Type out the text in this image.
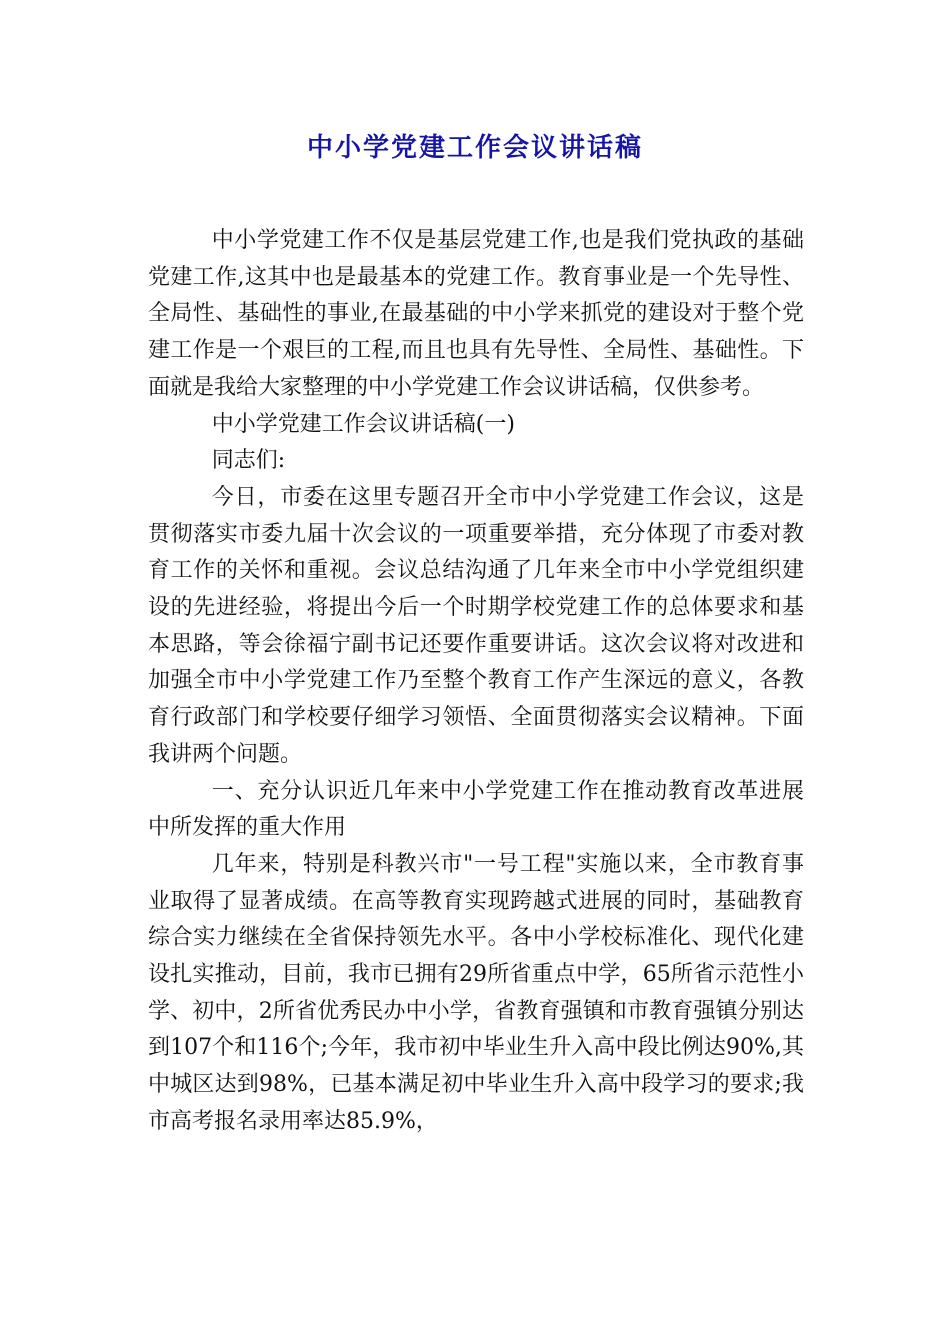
中小学党建工作会议讲话稿

中小学党建工作不仅是基层党建工作,也是我们党执政的基础党建工作,这其中也是最基本的党建工作。教育事业是一个先导性、全局性、基础性的事业,在最基础的中小学来抓党的建设对于整个党建工作是一个艰巨的工程,而且也具有先导性、全局性、基础性。下面就是我给大家整理的中小学党建工作会议讲话稿，仅供参考。

中小学党建工作会议讲话稿(一)

同志们:

今日，市委在这里专题召开全市中小学党建工作会议，这是贯彻落实市委九届十次会议的一项重要举措，充分体现了市委对教育工作的关怀和重视。会议总结沟通了几年来全市中小学党组织建设的先进经验，将提出今后一个时期学校党建工作的总体要求和基本思路，等会徐福宁副书记还要作重要讲话。这次会议将对改进和加强全市中小学党建工作乃至整个教育工作产生深远的意义，各教育行政部门和学校要仔细学习领悟、全面贯彻落实会议精神。下面我讲两个问题。

一、充分认识近几年来中小学党建工作在推动教育改革进展中所发挥的重大作用

几年来，特别是科教兴市"一号工程"实施以来，全市教育事业取得了显著成绩。在高等教育实现跨越式进展的同时，基础教育综合实力继续在全省保持领先水平。各中小学校标准化、现代化建设扎实推动，目前，我市已拥有29所省重点中学，65所省示范性小学、初中，2所省优秀民办中小学，省教育强镇和市教育强镇分别达到107个和116个;今年，我市初中毕业生升入高中段比例达90%,其中城区达到98%，已基本满足初中毕业生升入高中段学习的要求;我市高考报名录用率达85.9%，
